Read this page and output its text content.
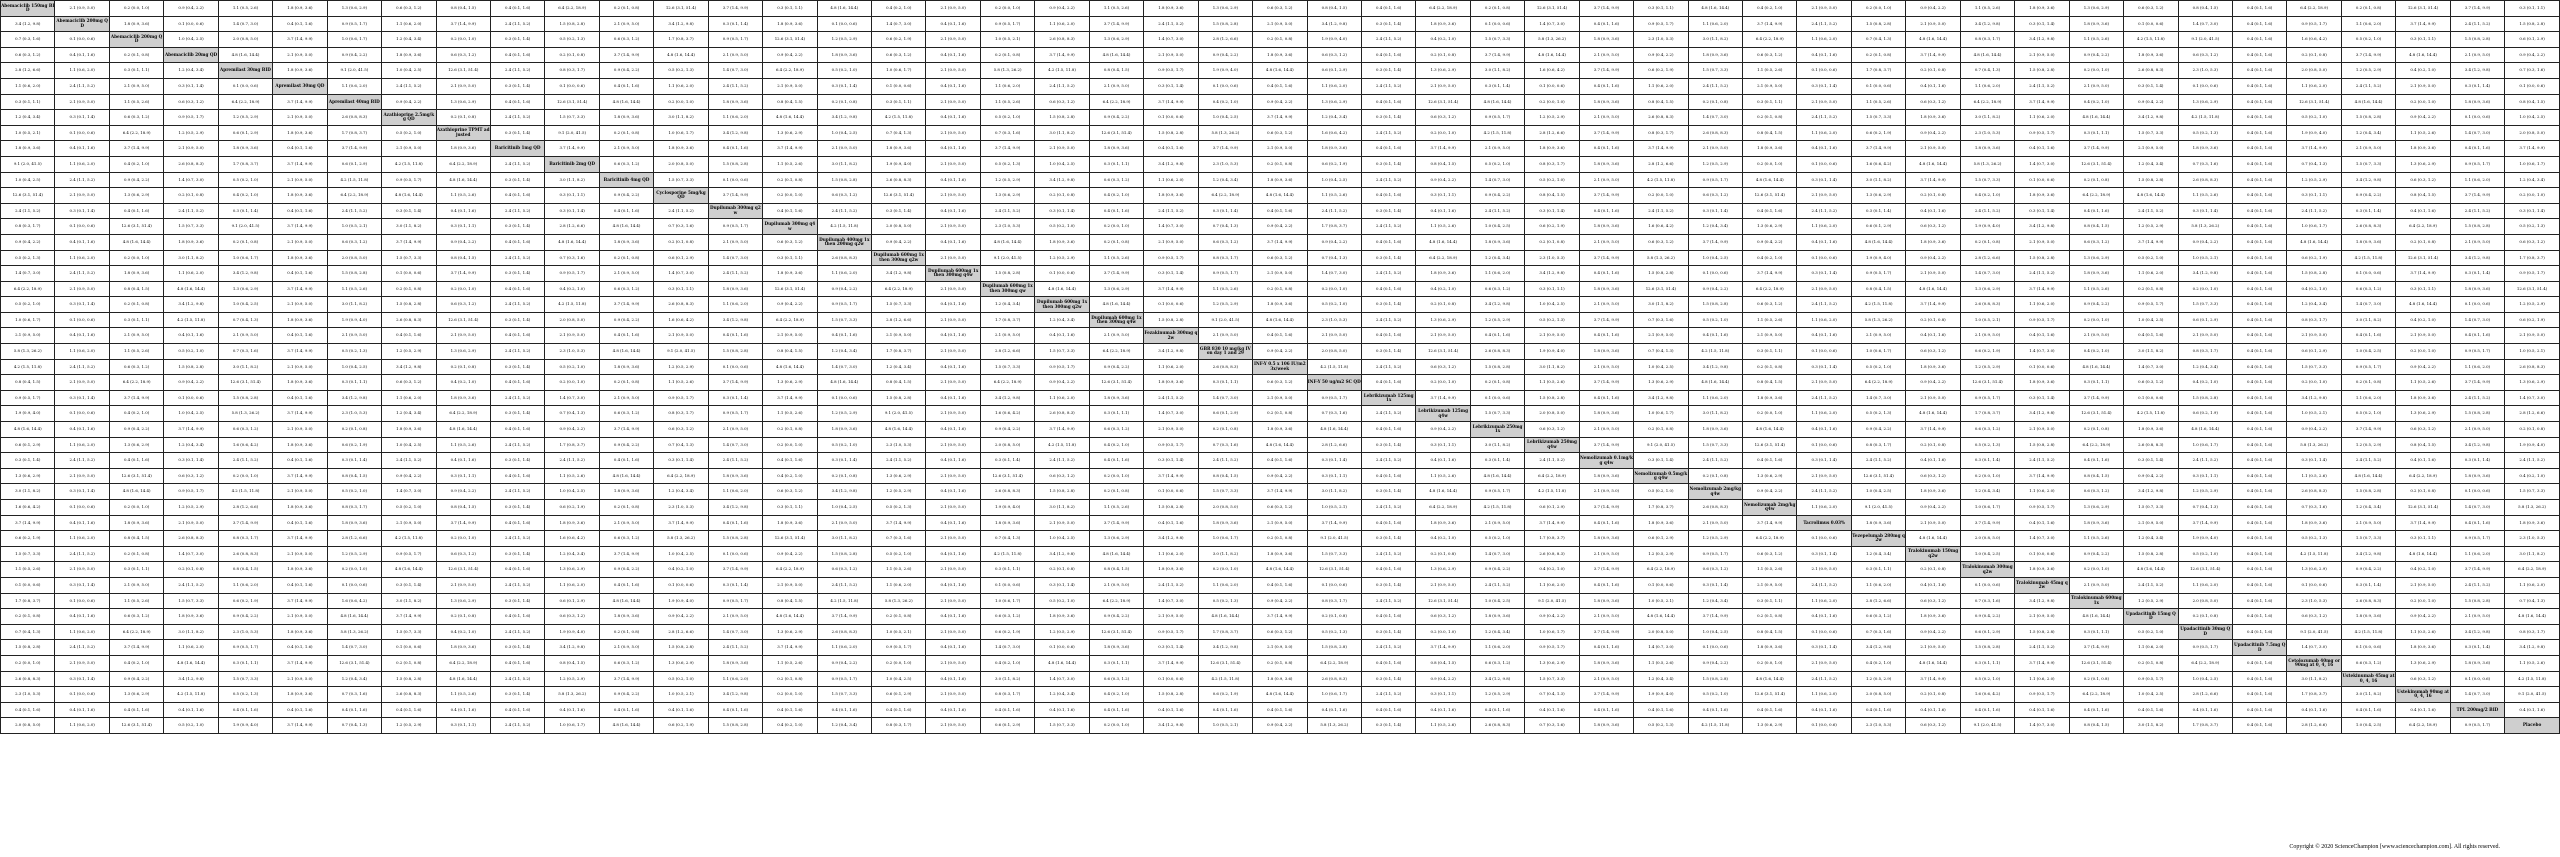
Abemaciclib 150mg BID	2.1 (0.9, 5.0)	0.2 (0.0, 1.0)	0.9 (0.4, 2.2)	1.1 (0.5, 2.6)	1.8 (0.9, 3.6)	1.3 (0.6, 2.9)	0.6 (0.3, 1.2)	0.8 (0.4, 1.5)	0.4 (0.1, 1.6)	6.4 (2.2, 18.9)	0.2 (0.1, 0.8)	12.6 (3.1, 51.4)	3.7 (1.4, 9.9)	0.3 (0.1, 1.1)	4.8 (1.6, 14.4)	0.4 (0.2, 1.0)	2.1 (0.9, 5.0)	0.2 (0.0, 1.0)	0.9 (0.4, 2.2)	1.1 (0.5, 2.6)	1.8 (0.9, 3.6)	1.3 (0.6, 2.9)	0.6 (0.3, 1.2)	0.8 (0.4, 1.5)	0.4 (0.1, 1.6)	6.4 (2.2, 18.9)	0.2 (0.1, 0.8)	12.6 (3.1, 51.4)	3.7 (1.4, 9.9)	0.3 (0.1, 1.1)	4.8 (1.6, 14.4)	0.4 (0.2, 1.0)	2.1 (0.9, 5.0)	0.2 (0.0, 1.0)	0.9 (0.4, 2.2)	1.1 (0.5, 2.6)	1.8 (0.9, 3.6)	1.3 (0.6, 2.9)	0.6 (0.3, 1.2)	0.8 (0.4, 1.5)	0.4 (0.1, 1.6)	6.4 (2.2, 18.9)	0.2 (0.1, 0.8)	12.6 (3.1, 51.4)	3.7 (1.4, 9.9)	0.3 (0.1, 1.1)
3.4 (1.2, 9.8)	Abemaciclib 200mg QD	1.8 (0.9, 3.6)	0.1 (0.0, 0.6)	1.4 (0.7, 3.0)	0.4 (0.1, 1.6)	0.9 (0.5, 1.7)	1.1 (0.6, 2.0)	3.7 (1.4, 9.9)	2.4 (1.1, 5.2)	1.5 (0.8, 2.8)	2.1 (0.9, 5.0)	3.4 (1.2, 9.8)	0.3 (0.1, 1.4)	1.8 (0.9, 3.6)	0.1 (0.0, 0.6)	1.4 (0.7, 3.0)	0.4 (0.1, 1.6)	0.9 (0.5, 1.7)	1.1 (0.6, 2.0)	3.7 (1.4, 9.9)	2.4 (1.1, 5.2)	1.5 (0.8, 2.8)	2.1 (0.9, 5.0)	3.4 (1.2, 9.8)	0.3 (0.1, 1.4)	1.8 (0.9, 3.6)	0.1 (0.0, 0.6)	1.4 (0.7, 3.0)	0.4 (0.1, 1.6)	0.9 (0.5, 1.7)	1.1 (0.6, 2.0)	3.7 (1.4, 9.9)	2.4 (1.1, 5.2)	1.5 (0.8, 2.8)	2.1 (0.9, 5.0)	3.4 (1.2, 9.8)	0.3 (0.1, 1.4)	1.8 (0.9, 3.6)	0.1 (0.0, 0.6)	1.4 (0.7, 3.0)	0.4 (0.1, 1.6)	0.9 (0.5, 1.7)	1.1 (0.6, 2.0)	3.7 (1.4, 9.9)	2.4 (1.1, 5.2)	1.5 (0.8, 2.8)
0.7 (0.3, 1.6)	0.1 (0.0, 0.6)	Abemaciclib 200mg QD	1.0 (0.4, 2.5)	2.0 (0.8, 5.0)	3.7 (1.4, 9.9)	1.0 (0.6, 1.7)	1.2 (0.4, 3.4)	0.2 (0.0, 1.0)	0.3 (0.1, 1.4)	0.5 (0.2, 1.3)	0.6 (0.3, 1.2)	1.7 (0.8, 3.7)	0.9 (0.5, 1.7)	12.6 (3.1, 51.4)	1.2 (0.5, 2.9)	0.6 (0.2, 1.9)	2.1 (0.9, 5.0)	1.0 (0.5, 2.1)	2.6 (0.8, 8.3)	1.3 (0.6, 2.9)	1.4 (0.7, 3.0)	2.8 (1.2, 6.6)	0.2 (0.1, 0.8)	1.9 (0.9, 4.0)	2.4 (1.1, 5.2)	0.4 (0.2, 1.0)	1.5 (0.7, 3.3)	5.8 (1.3, 26.2)	1.8 (0.9, 3.6)	2.3 (1.0, 5.3)	3.0 (1.1, 8.2)	6.4 (2.2, 18.9)	1.1 (0.6, 2.0)	0.7 (0.4, 1.3)	4.8 (1.6, 14.4)	0.8 (0.3, 1.7)	3.4 (1.2, 9.8)	1.1 (0.5, 2.6)	4.2 (1.5, 11.8)	9.1 (2.0, 41.5)	0.4 (0.1, 1.6)	1.6 (0.6, 4.2)	0.5 (0.2, 1.0)	0.3 (0.1, 1.1)	1.5 (0.8, 2.8)	0.6 (0.1, 2.9)
0.6 (0.3, 1.2)	0.4 (0.1, 1.6)	0.2 (0.1, 0.8)	Abemaciclib 20mg QD	4.8 (1.6, 14.4)	2.1 (0.9, 5.0)	0.9 (0.4, 2.2)	1.8 (0.9, 3.6)	0.6 (0.3, 1.2)	0.4 (0.1, 1.6)	0.2 (0.1, 0.8)	3.7 (1.4, 9.9)	4.8 (1.6, 14.4)	2.1 (0.9, 5.0)	0.9 (0.4, 2.2)	1.8 (0.9, 3.6)	0.6 (0.3, 1.2)	0.4 (0.1, 1.6)	0.2 (0.1, 0.8)	3.7 (1.4, 9.9)	4.8 (1.6, 14.4)	2.1 (0.9, 5.0)	0.9 (0.4, 2.2)	1.8 (0.9, 3.6)	0.6 (0.3, 1.2)	0.4 (0.1, 1.6)	0.2 (0.1, 0.8)	3.7 (1.4, 9.9)	4.8 (1.6, 14.4)	2.1 (0.9, 5.0)	0.9 (0.4, 2.2)	1.8 (0.9, 3.6)	0.6 (0.3, 1.2)	0.4 (0.1, 1.6)	0.2 (0.1, 0.8)	3.7 (1.4, 9.9)	4.8 (1.6, 14.4)	2.1 (0.9, 5.0)	0.9 (0.4, 2.2)	1.8 (0.9, 3.6)	0.6 (0.3, 1.2)	0.4 (0.1, 1.6)	0.2 (0.1, 0.8)	3.7 (1.4, 9.9)	4.8 (1.6, 14.4)	2.1 (0.9, 5.0)	0.9 (0.4, 2.2)
2.8 (1.2, 6.6)	1.1 (0.6, 2.0)	0.3 (0.1, 1.1)	1.2 (0.4, 3.4)	Apremilast 30mg BID	1.8 (0.9, 3.6)	9.1 (2.0, 41.5)	1.0 (0.4, 2.5)	12.6 (3.1, 51.4)	2.4 (1.1, 5.2)	0.8 (0.3, 1.7)	0.9 (0.4, 2.2)	0.5 (0.2, 1.3)	1.4 (0.7, 3.0)	6.4 (2.2, 18.9)	0.5 (0.2, 1.0)	1.0 (0.6, 1.7)	2.1 (0.9, 5.0)	5.8 (1.3, 26.2)	4.2 (1.5, 11.8)	0.8 (0.4, 1.5)	0.9 (0.5, 1.7)	1.9 (0.9, 4.0)	4.8 (1.6, 14.4)	0.6 (0.1, 2.9)	0.3 (0.1, 1.4)	1.3 (0.6, 2.9)	3.0 (1.1, 8.2)	1.6 (0.6, 4.2)	3.7 (1.4, 9.9)	0.6 (0.2, 1.9)	1.5 (0.7, 3.3)	1.1 (0.5, 2.6)	0.1 (0.0, 0.6)	1.7 (0.8, 3.7)	0.2 (0.1, 0.8)	0.7 (0.4, 1.3)	1.5 (0.8, 2.8)	0.2 (0.0, 1.0)	2.6 (0.8, 8.3)	2.3 (1.0, 5.3)	0.4 (0.1, 1.6)	2.0 (0.8, 5.0)	1.2 (0.5, 2.9)	0.4 (0.2, 1.0)	3.4 (1.2, 9.8)	0.7 (0.3, 1.6)
1.1 (0.6, 2.0)	2.4 (1.1, 5.2)	2.1 (0.9, 5.0)	0.3 (0.1, 1.4)	0.1 (0.0, 0.6)	Apremilast 30mg QD	1.1 (0.6, 2.0)	2.4 (1.1, 5.2)	2.1 (0.9, 5.0)	0.3 (0.1, 1.4)	0.1 (0.0, 0.6)	0.4 (0.1, 1.6)	1.1 (0.6, 2.0)	2.4 (1.1, 5.2)	2.1 (0.9, 5.0)	0.3 (0.1, 1.4)	0.1 (0.0, 0.6)	0.4 (0.1, 1.6)	1.1 (0.6, 2.0)	2.4 (1.1, 5.2)	2.1 (0.9, 5.0)	0.3 (0.1, 1.4)	0.1 (0.0, 0.6)	0.4 (0.1, 1.6)	1.1 (0.6, 2.0)	2.4 (1.1, 5.2)	2.1 (0.9, 5.0)	0.3 (0.1, 1.4)	0.1 (0.0, 0.6)	0.4 (0.1, 1.6)	1.1 (0.6, 2.0)	2.4 (1.1, 5.2)	2.1 (0.9, 5.0)	0.3 (0.1, 1.4)	0.1 (0.0, 0.6)	0.4 (0.1, 1.6)	1.1 (0.6, 2.0)	2.4 (1.1, 5.2)	2.1 (0.9, 5.0)	0.3 (0.1, 1.4)	0.1 (0.0, 0.6)	0.4 (0.1, 1.6)	1.1 (0.6, 2.0)	2.4 (1.1, 5.2)	2.1 (0.9, 5.0)	0.3 (0.1, 1.4)	0.1 (0.0, 0.6)
0.3 (0.1, 1.1)	2.1 (0.9, 5.0)	1.1 (0.5, 2.6)	0.6 (0.3, 1.2)	6.4 (2.2, 18.9)	3.7 (1.4, 9.9)	Apremilast 40mg BID	0.9 (0.4, 2.2)	1.3 (0.6, 2.9)	0.4 (0.1, 1.6)	12.6 (3.1, 51.4)	4.8 (1.6, 14.4)	0.2 (0.0, 1.0)	1.8 (0.9, 3.6)	0.8 (0.4, 1.5)	0.2 (0.1, 0.8)	0.3 (0.1, 1.1)	2.1 (0.9, 5.0)	1.1 (0.5, 2.6)	0.6 (0.3, 1.2)	6.4 (2.2, 18.9)	3.7 (1.4, 9.9)	0.4 (0.2, 1.0)	0.9 (0.4, 2.2)	1.3 (0.6, 2.9)	0.4 (0.1, 1.6)	12.6 (3.1, 51.4)	4.8 (1.6, 14.4)	0.2 (0.0, 1.0)	1.8 (0.9, 3.6)	0.8 (0.4, 1.5)	0.2 (0.1, 0.8)	0.3 (0.1, 1.1)	2.1 (0.9, 5.0)	1.1 (0.5, 2.6)	0.6 (0.3, 1.2)	6.4 (2.2, 18.9)	3.7 (1.4, 9.9)	0.4 (0.2, 1.0)	0.9 (0.4, 2.2)	1.3 (0.6, 2.9)	0.4 (0.1, 1.6)	12.6 (3.1, 51.4)	4.8 (1.6, 14.4)	0.2 (0.0, 1.0)	1.8 (0.9, 3.6)	0.8 (0.4, 1.5)
1.2 (0.4, 3.4)	0.3 (0.1, 1.4)	0.6 (0.3, 1.2)	0.9 (0.5, 1.7)	1.2 (0.5, 2.9)	2.1 (0.9, 5.0)	2.6 (0.8, 8.3)	Azathioprine 2.5mg/kg QD	0.2 (0.1, 0.8)	2.4 (1.1, 5.2)	1.5 (0.7, 3.3)	1.8 (0.9, 3.6)	3.0 (1.1, 8.2)	1.1 (0.6, 2.0)	4.8 (1.6, 14.4)	3.4 (1.2, 9.8)	4.2 (1.5, 11.8)	0.4 (0.1, 1.6)	0.5 (0.2, 1.0)	1.5 (0.8, 2.8)	0.9 (0.4, 2.2)	0.1 (0.0, 0.6)	1.0 (0.4, 2.5)	3.7 (1.4, 9.9)	1.2 (0.4, 3.4)	0.3 (0.1, 1.4)	0.6 (0.3, 1.2)	0.9 (0.5, 1.7)	1.2 (0.5, 2.9)	2.1 (0.9, 5.0)	2.6 (0.8, 8.3)	1.4 (0.7, 3.0)	0.2 (0.1, 0.8)	2.4 (1.1, 5.2)	1.5 (0.7, 3.3)	1.8 (0.9, 3.6)	3.0 (1.1, 8.2)	1.1 (0.6, 2.0)	4.8 (1.6, 14.4)	3.4 (1.2, 9.8)	4.2 (1.5, 11.8)	0.4 (0.1, 1.6)	0.5 (0.2, 1.0)	1.5 (0.8, 2.8)	0.9 (0.4, 2.2)	0.1 (0.0, 0.6)	1.0 (0.4, 2.5)
1.0 (0.5, 2.1)	0.1 (0.0, 0.6)	6.4 (2.2, 18.9)	1.2 (0.5, 2.9)	0.6 (0.1, 2.9)	1.8 (0.9, 3.6)	1.7 (0.8, 3.7)	0.5 (0.2, 1.0)	Azathioprine TPMT adjusted	0.3 (0.1, 1.4)	9.1 (2.0, 41.5)	0.2 (0.1, 0.8)	1.0 (0.6, 1.7)	3.4 (1.2, 9.8)	1.3 (0.6, 2.9)	1.0 (0.4, 2.5)	0.7 (0.4, 1.3)	2.1 (0.9, 5.0)	0.7 (0.3, 1.6)	3.0 (1.1, 8.2)	12.6 (3.1, 51.4)	1.5 (0.8, 2.8)	5.8 (1.3, 26.2)	0.6 (0.3, 1.2)	1.6 (0.6, 4.2)	2.4 (1.1, 5.2)	0.2 (0.0, 1.0)	4.2 (1.5, 11.8)	2.8 (1.2, 6.6)	3.7 (1.4, 9.9)	0.8 (0.3, 1.7)	2.6 (0.8, 8.3)	0.8 (0.4, 1.5)	1.1 (0.6, 2.0)	0.6 (0.2, 1.9)	0.9 (0.4, 2.2)	2.3 (1.0, 5.3)	0.9 (0.5, 1.7)	0.3 (0.1, 1.1)	1.5 (0.7, 3.3)	0.5 (0.2, 1.3)	0.4 (0.1, 1.6)	1.9 (0.9, 4.0)	1.2 (0.4, 3.4)	1.1 (0.5, 2.6)	1.4 (0.7, 3.0)	2.0 (0.8, 5.0)
1.8 (0.9, 3.6)	0.4 (0.1, 1.6)	3.7 (1.4, 9.9)	2.1 (0.9, 5.0)	1.8 (0.9, 3.6)	0.4 (0.1, 1.6)	3.7 (1.4, 9.9)	2.1 (0.9, 5.0)	1.8 (0.9, 3.6)	Baricitinib 1mg QD	3.7 (1.4, 9.9)	2.1 (0.9, 5.0)	1.8 (0.9, 3.6)	0.4 (0.1, 1.6)	3.7 (1.4, 9.9)	2.1 (0.9, 5.0)	1.8 (0.9, 3.6)	0.4 (0.1, 1.6)	3.7 (1.4, 9.9)	2.1 (0.9, 5.0)	1.8 (0.9, 3.6)	0.4 (0.1, 1.6)	3.7 (1.4, 9.9)	2.1 (0.9, 5.0)	1.8 (0.9, 3.6)	0.4 (0.1, 1.6)	3.7 (1.4, 9.9)	2.1 (0.9, 5.0)	1.8 (0.9, 3.6)	0.4 (0.1, 1.6)	3.7 (1.4, 9.9)	2.1 (0.9, 5.0)	1.8 (0.9, 3.6)	0.4 (0.1, 1.6)	3.7 (1.4, 9.9)	2.1 (0.9, 5.0)	1.8 (0.9, 3.6)	0.4 (0.1, 1.6)	3.7 (1.4, 9.9)	2.1 (0.9, 5.0)	1.8 (0.9, 3.6)	0.4 (0.1, 1.6)	3.7 (1.4, 9.9)	2.1 (0.9, 5.0)	1.8 (0.9, 3.6)	0.4 (0.1, 1.6)	3.7 (1.4, 9.9)
9.1 (2.0, 41.5)	1.1 (0.6, 2.0)	0.4 (0.2, 1.0)	2.6 (0.8, 8.3)	1.7 (0.8, 3.7)	3.7 (1.4, 9.9)	0.6 (0.1, 2.9)	4.2 (1.5, 11.8)	6.4 (2.2, 18.9)	2.4 (1.1, 5.2)	Baricitinib 2mg QD	0.6 (0.3, 1.2)	2.0 (0.8, 5.0)	1.5 (0.8, 2.8)	1.1 (0.5, 2.6)	3.0 (1.1, 8.2)	1.9 (0.9, 4.0)	2.1 (0.9, 5.0)	0.5 (0.2, 1.3)	1.0 (0.4, 2.5)	0.3 (0.1, 1.1)	3.4 (1.2, 9.8)	2.3 (1.0, 5.3)	0.2 (0.1, 0.8)	0.6 (0.2, 1.9)	0.3 (0.1, 1.4)	0.8 (0.4, 1.5)	0.5 (0.2, 1.0)	0.8 (0.3, 1.7)	1.8 (0.9, 3.6)	2.8 (1.2, 6.6)	1.2 (0.5, 2.9)	0.2 (0.0, 1.0)	0.1 (0.0, 0.6)	1.6 (0.6, 4.2)	4.8 (1.6, 14.4)	5.8 (1.3, 26.2)	1.4 (0.7, 3.0)	12.6 (3.1, 51.4)	1.2 (0.4, 3.4)	0.7 (0.3, 1.6)	0.4 (0.1, 1.6)	0.7 (0.4, 1.3)	1.5 (0.7, 3.3)	1.3 (0.6, 2.9)	0.9 (0.5, 1.7)	1.0 (0.6, 1.7)
1.0 (0.4, 2.5)	2.4 (1.1, 5.2)	0.9 (0.4, 2.2)	1.4 (0.7, 3.0)	0.5 (0.2, 1.0)	2.1 (0.9, 5.0)	4.2 (1.5, 11.8)	0.9 (0.5, 1.7)	4.8 (1.6, 14.4)	0.3 (0.1, 1.4)	3.0 (1.1, 8.2)	Baricitinib 4mg QD	1.5 (0.7, 3.3)	0.1 (0.0, 0.6)	0.2 (0.1, 0.8)	1.5 (0.8, 2.8)	2.6 (0.8, 8.3)	0.4 (0.1, 1.6)	1.2 (0.5, 2.9)	3.4 (1.2, 9.8)	0.6 (0.3, 1.2)	1.1 (0.6, 2.0)	1.2 (0.4, 3.4)	1.8 (0.9, 3.6)	1.0 (0.4, 2.5)	2.4 (1.1, 5.2)	0.9 (0.4, 2.2)	1.4 (0.7, 3.0)	0.5 (0.2, 1.0)	2.1 (0.9, 5.0)	4.2 (1.5, 11.8)	0.9 (0.5, 1.7)	4.8 (1.6, 14.4)	0.3 (0.1, 1.4)	3.0 (1.1, 8.2)	3.7 (1.4, 9.9)	1.5 (0.7, 3.3)	0.1 (0.0, 0.6)	0.2 (0.1, 0.8)	1.5 (0.8, 2.8)	2.6 (0.8, 8.3)	0.4 (0.1, 1.6)	1.2 (0.5, 2.9)	3.4 (1.2, 9.8)	0.6 (0.3, 1.2)	1.1 (0.6, 2.0)	1.2 (0.4, 3.4)
12.6 (3.1, 51.4)	2.1 (0.9, 5.0)	1.3 (0.6, 2.9)	0.2 (0.1, 0.8)	0.4 (0.2, 1.0)	1.8 (0.9, 3.6)	6.4 (2.2, 18.9)	4.8 (1.6, 14.4)	1.1 (0.5, 2.6)	0.4 (0.1, 1.6)	0.3 (0.1, 1.1)	0.9 (0.4, 2.2)	Cyclosporine 5mg/kg QD	3.7 (1.4, 9.9)	0.2 (0.0, 1.0)	0.6 (0.3, 1.2)	12.6 (3.1, 51.4)	2.1 (0.9, 5.0)	1.3 (0.6, 2.9)	0.2 (0.1, 0.8)	0.4 (0.2, 1.0)	1.8 (0.9, 3.6)	6.4 (2.2, 18.9)	4.8 (1.6, 14.4)	1.1 (0.5, 2.6)	0.4 (0.1, 1.6)	0.3 (0.1, 1.1)	0.9 (0.4, 2.2)	0.8 (0.4, 1.5)	3.7 (1.4, 9.9)	0.2 (0.0, 1.0)	0.6 (0.3, 1.2)	12.6 (3.1, 51.4)	2.1 (0.9, 5.0)	1.3 (0.6, 2.9)	0.2 (0.1, 0.8)	0.4 (0.2, 1.0)	1.8 (0.9, 3.6)	6.4 (2.2, 18.9)	4.8 (1.6, 14.4)	1.1 (0.5, 2.6)	0.4 (0.1, 1.6)	0.3 (0.1, 1.1)	0.9 (0.4, 2.2)	0.8 (0.4, 1.5)	3.7 (1.4, 9.9)	0.2 (0.0, 1.0)
2.4 (1.1, 5.2)	0.3 (0.1, 1.4)	0.4 (0.1, 1.6)	2.4 (1.1, 5.2)	0.3 (0.1, 1.4)	0.4 (0.1, 1.6)	2.4 (1.1, 5.2)	0.3 (0.1, 1.4)	0.4 (0.1, 1.6)	2.4 (1.1, 5.2)	0.3 (0.1, 1.4)	0.4 (0.1, 1.6)	2.4 (1.1, 5.2)	Dupilumab 300mg q2w	0.4 (0.1, 1.6)	2.4 (1.1, 5.2)	0.3 (0.1, 1.4)	0.4 (0.1, 1.6)	2.4 (1.1, 5.2)	0.3 (0.1, 1.4)	0.4 (0.1, 1.6)	2.4 (1.1, 5.2)	0.3 (0.1, 1.4)	0.4 (0.1, 1.6)	2.4 (1.1, 5.2)	0.3 (0.1, 1.4)	0.4 (0.1, 1.6)	2.4 (1.1, 5.2)	0.3 (0.1, 1.4)	0.4 (0.1, 1.6)	2.4 (1.1, 5.2)	0.3 (0.1, 1.4)	0.4 (0.1, 1.6)	2.4 (1.1, 5.2)	0.3 (0.1, 1.4)	0.4 (0.1, 1.6)	2.4 (1.1, 5.2)	0.3 (0.1, 1.4)	0.4 (0.1, 1.6)	2.4 (1.1, 5.2)	0.3 (0.1, 1.4)	0.4 (0.1, 1.6)	2.4 (1.1, 5.2)	0.3 (0.1, 1.4)	0.4 (0.1, 1.6)	2.4 (1.1, 5.2)	0.3 (0.1, 1.4)
0.8 (0.3, 1.7)	0.1 (0.0, 0.6)	12.6 (3.1, 51.4)	1.5 (0.7, 3.3)	9.1 (2.0, 41.5)	3.7 (1.4, 9.9)	1.0 (0.5, 2.1)	3.0 (1.1, 8.2)	0.3 (0.1, 1.1)	0.3 (0.1, 1.4)	2.8 (1.2, 6.6)	4.8 (1.6, 14.4)	0.7 (0.3, 1.6)	0.9 (0.5, 1.7)	Dupilumab 300mg q4w	4.2 (1.5, 11.8)	2.0 (0.8, 5.0)	2.1 (0.9, 5.0)	2.3 (1.0, 5.3)	0.5 (0.2, 1.0)	0.2 (0.0, 1.0)	1.4 (0.7, 3.0)	0.7 (0.4, 1.3)	0.9 (0.4, 2.2)	1.7 (0.8, 3.7)	2.4 (1.1, 5.2)	1.1 (0.5, 2.6)	1.0 (0.4, 2.5)	0.6 (0.2, 1.9)	1.8 (0.9, 3.6)	1.6 (0.6, 4.2)	1.2 (0.4, 3.4)	1.3 (0.6, 2.9)	1.1 (0.6, 2.0)	0.6 (0.1, 2.9)	0.6 (0.3, 1.2)	1.9 (0.9, 4.0)	3.4 (1.2, 9.8)	0.8 (0.4, 1.5)	1.2 (0.5, 2.9)	5.8 (1.3, 26.2)	0.4 (0.1, 1.6)	1.0 (0.6, 1.7)	2.6 (0.8, 8.3)	6.4 (2.2, 18.9)	1.5 (0.8, 2.8)	0.5 (0.2, 1.3)
0.9 (0.4, 2.2)	0.4 (0.1, 1.6)	4.8 (1.6, 14.4)	1.8 (0.9, 3.6)	0.2 (0.1, 0.8)	2.1 (0.9, 5.0)	0.6 (0.3, 1.2)	3.7 (1.4, 9.9)	0.9 (0.4, 2.2)	0.4 (0.1, 1.6)	4.8 (1.6, 14.4)	1.8 (0.9, 3.6)	0.2 (0.1, 0.8)	2.1 (0.9, 5.0)	0.6 (0.3, 1.2)	Dupilumab 400mg 1x then 200mg q2w	0.9 (0.4, 2.2)	0.4 (0.1, 1.6)	4.8 (1.6, 14.4)	1.8 (0.9, 3.6)	0.2 (0.1, 0.8)	2.1 (0.9, 5.0)	0.6 (0.3, 1.2)	3.7 (1.4, 9.9)	0.9 (0.4, 2.2)	0.4 (0.1, 1.6)	4.8 (1.6, 14.4)	1.8 (0.9, 3.6)	0.2 (0.1, 0.8)	2.1 (0.9, 5.0)	0.6 (0.3, 1.2)	3.7 (1.4, 9.9)	0.9 (0.4, 2.2)	0.4 (0.1, 1.6)	4.8 (1.6, 14.4)	1.8 (0.9, 3.6)	0.2 (0.1, 0.8)	2.1 (0.9, 5.0)	0.6 (0.3, 1.2)	3.7 (1.4, 9.9)	0.9 (0.4, 2.2)	0.4 (0.1, 1.6)	4.8 (1.6, 14.4)	1.8 (0.9, 3.6)	0.2 (0.1, 0.8)	2.1 (0.9, 5.0)	0.6 (0.3, 1.2)
0.5 (0.2, 1.3)	1.1 (0.6, 2.0)	0.2 (0.0, 1.0)	3.0 (1.1, 8.2)	1.0 (0.6, 1.7)	1.8 (0.9, 3.6)	2.0 (0.8, 5.0)	1.5 (0.7, 3.3)	0.8 (0.4, 1.5)	2.4 (1.1, 5.2)	0.7 (0.3, 1.6)	0.2 (0.1, 0.8)	0.6 (0.1, 2.9)	1.4 (0.7, 3.0)	0.3 (0.1, 1.1)	2.6 (0.8, 8.3)	Dupilumab 600mg 1x then 300mg q2w	2.1 (0.9, 5.0)	9.1 (2.0, 41.5)	1.2 (0.5, 2.9)	1.1 (0.5, 2.6)	0.9 (0.5, 1.7)	0.8 (0.3, 1.7)	0.6 (0.3, 1.2)	0.7 (0.4, 1.3)	0.3 (0.1, 1.4)	6.4 (2.2, 18.9)	1.2 (0.4, 3.4)	2.3 (1.0, 5.3)	3.7 (1.4, 9.9)	5.8 (1.3, 26.2)	1.0 (0.4, 2.5)	0.4 (0.2, 1.0)	0.1 (0.0, 0.6)	1.9 (0.9, 4.0)	0.9 (0.4, 2.2)	2.8 (1.2, 6.6)	1.5 (0.8, 2.8)	1.3 (0.6, 2.9)	0.5 (0.2, 1.0)	1.0 (0.5, 2.1)	0.4 (0.1, 1.6)	0.6 (0.2, 1.9)	4.2 (1.5, 11.8)	12.6 (3.1, 51.4)	3.4 (1.2, 9.8)	1.7 (0.8, 3.7)
1.4 (0.7, 3.0)	2.4 (1.1, 5.2)	1.8 (0.9, 3.6)	1.1 (0.6, 2.0)	3.4 (1.2, 9.8)	0.4 (0.1, 1.6)	1.5 (0.8, 2.8)	0.1 (0.0, 0.6)	3.7 (1.4, 9.9)	0.3 (0.1, 1.4)	0.9 (0.5, 1.7)	2.1 (0.9, 5.0)	1.4 (0.7, 3.0)	2.4 (1.1, 5.2)	1.8 (0.9, 3.6)	1.1 (0.6, 2.0)	3.4 (1.2, 9.8)	Dupilumab 600mg 1x then 300mg q4w	1.5 (0.8, 2.8)	0.1 (0.0, 0.6)	3.7 (1.4, 9.9)	0.3 (0.1, 1.4)	0.9 (0.5, 1.7)	2.1 (0.9, 5.0)	1.4 (0.7, 3.0)	2.4 (1.1, 5.2)	1.8 (0.9, 3.6)	1.1 (0.6, 2.0)	3.4 (1.2, 9.8)	0.4 (0.1, 1.6)	1.5 (0.8, 2.8)	0.1 (0.0, 0.6)	3.7 (1.4, 9.9)	0.3 (0.1, 1.4)	0.9 (0.5, 1.7)	2.1 (0.9, 5.0)	1.4 (0.7, 3.0)	2.4 (1.1, 5.2)	1.8 (0.9, 3.6)	1.1 (0.6, 2.0)	3.4 (1.2, 9.8)	0.4 (0.1, 1.6)	1.5 (0.8, 2.8)	0.1 (0.0, 0.6)	3.7 (1.4, 9.9)	0.3 (0.1, 1.4)	0.9 (0.5, 1.7)
6.4 (2.2, 18.9)	2.1 (0.9, 5.0)	0.8 (0.4, 1.5)	4.8 (1.6, 14.4)	1.3 (0.6, 2.9)	3.7 (1.4, 9.9)	1.1 (0.5, 2.6)	0.2 (0.1, 0.8)	0.2 (0.0, 1.0)	0.4 (0.1, 1.6)	0.4 (0.2, 1.0)	0.6 (0.3, 1.2)	0.3 (0.1, 1.1)	1.8 (0.9, 3.6)	12.6 (3.1, 51.4)	0.9 (0.4, 2.2)	6.4 (2.2, 18.9)	2.1 (0.9, 5.0)	Dupilumab 600mg 1x then 300mg qw	4.8 (1.6, 14.4)	1.3 (0.6, 2.9)	3.7 (1.4, 9.9)	1.1 (0.5, 2.6)	0.2 (0.1, 0.8)	0.2 (0.0, 1.0)	0.4 (0.1, 1.6)	0.4 (0.2, 1.0)	0.6 (0.3, 1.2)	0.3 (0.1, 1.1)	1.8 (0.9, 3.6)	12.6 (3.1, 51.4)	0.9 (0.4, 2.2)	6.4 (2.2, 18.9)	2.1 (0.9, 5.0)	0.8 (0.4, 1.5)	4.8 (1.6, 14.4)	1.3 (0.6, 2.9)	3.7 (1.4, 9.9)	1.1 (0.5, 2.6)	0.2 (0.1, 0.8)	0.2 (0.0, 1.0)	0.4 (0.1, 1.6)	0.4 (0.2, 1.0)	0.6 (0.3, 1.2)	0.3 (0.1, 1.1)	1.8 (0.9, 3.6)	12.6 (3.1, 51.4)
0.5 (0.2, 1.0)	0.3 (0.1, 1.4)	0.2 (0.1, 0.8)	3.4 (1.2, 9.8)	1.0 (0.4, 2.5)	2.1 (0.9, 5.0)	3.0 (1.1, 8.2)	1.5 (0.8, 2.8)	0.6 (0.3, 1.2)	2.4 (1.1, 5.2)	4.2 (1.5, 11.8)	3.7 (1.4, 9.9)	2.6 (0.8, 8.3)	1.1 (0.6, 2.0)	0.9 (0.4, 2.2)	0.9 (0.5, 1.7)	1.5 (0.7, 3.3)	0.4 (0.1, 1.6)	1.2 (0.4, 3.4)	Dupilumab 600mg 1x then 300mg q2w	4.8 (1.6, 14.4)	0.1 (0.0, 0.6)	1.2 (0.5, 2.9)	1.8 (0.9, 3.6)	0.5 (0.2, 1.0)	0.3 (0.1, 1.4)	0.2 (0.1, 0.8)	3.4 (1.2, 9.8)	1.0 (0.4, 2.5)	2.1 (0.9, 5.0)	3.0 (1.1, 8.2)	1.5 (0.8, 2.8)	0.6 (0.3, 1.2)	2.4 (1.1, 5.2)	4.2 (1.5, 11.8)	3.7 (1.4, 9.9)	2.6 (0.8, 8.3)	1.1 (0.6, 2.0)	0.9 (0.4, 2.2)	0.9 (0.5, 1.7)	1.5 (0.7, 3.3)	0.4 (0.1, 1.6)	1.2 (0.4, 3.4)	1.4 (0.7, 3.0)	4.8 (1.6, 14.4)	0.1 (0.0, 0.6)	1.2 (0.5, 2.9)
1.0 (0.6, 1.7)	0.1 (0.0, 0.6)	0.3 (0.1, 1.1)	4.2 (1.5, 11.8)	0.7 (0.4, 1.3)	1.8 (0.9, 3.6)	1.9 (0.9, 4.0)	2.6 (0.8, 8.3)	12.6 (3.1, 51.4)	0.3 (0.1, 1.4)	2.0 (0.8, 5.0)	0.9 (0.4, 2.2)	1.6 (0.6, 4.2)	3.4 (1.2, 9.8)	6.4 (2.2, 18.9)	1.5 (0.7, 3.3)	2.8 (1.2, 6.6)	2.1 (0.9, 5.0)	1.7 (0.8, 3.7)	1.2 (0.4, 3.4)	Dupilumab 600mg 1x then 300mg q4w	1.5 (0.8, 2.8)	9.1 (2.0, 41.5)	4.8 (1.6, 14.4)	2.3 (1.0, 5.3)	2.4 (1.1, 5.2)	1.3 (0.6, 2.9)	1.2 (0.5, 2.9)	0.5 (0.2, 1.3)	3.7 (1.4, 9.9)	0.7 (0.3, 1.6)	0.5 (0.2, 1.0)	1.1 (0.5, 2.6)	1.1 (0.6, 2.0)	5.8 (1.3, 26.2)	0.2 (0.1, 0.8)	1.0 (0.5, 2.1)	0.9 (0.5, 1.7)	0.2 (0.0, 1.0)	1.0 (0.4, 2.5)	0.6 (0.1, 2.9)	0.4 (0.1, 1.6)	0.8 (0.3, 1.7)	3.0 (1.1, 8.2)	0.4 (0.2, 1.0)	1.4 (0.7, 3.0)	0.6 (0.2, 1.9)
2.1 (0.9, 5.0)	0.4 (0.1, 1.6)	2.1 (0.9, 5.0)	0.4 (0.1, 1.6)	2.1 (0.9, 5.0)	0.4 (0.1, 1.6)	2.1 (0.9, 5.0)	0.4 (0.1, 1.6)	2.1 (0.9, 5.0)	0.4 (0.1, 1.6)	2.1 (0.9, 5.0)	0.4 (0.1, 1.6)	2.1 (0.9, 5.0)	0.4 (0.1, 1.6)	2.1 (0.9, 5.0)	0.4 (0.1, 1.6)	2.1 (0.9, 5.0)	0.4 (0.1, 1.6)	2.1 (0.9, 5.0)	0.4 (0.1, 1.6)	2.1 (0.9, 5.0)	Fezakinumab 300mg q2w	2.1 (0.9, 5.0)	0.4 (0.1, 1.6)	2.1 (0.9, 5.0)	0.4 (0.1, 1.6)	2.1 (0.9, 5.0)	0.4 (0.1, 1.6)	2.1 (0.9, 5.0)	0.4 (0.1, 1.6)	2.1 (0.9, 5.0)	0.4 (0.1, 1.6)	2.1 (0.9, 5.0)	0.4 (0.1, 1.6)	2.1 (0.9, 5.0)	0.4 (0.1, 1.6)	2.1 (0.9, 5.0)	0.4 (0.1, 1.6)	2.1 (0.9, 5.0)	0.4 (0.1, 1.6)	2.1 (0.9, 5.0)	0.4 (0.1, 1.6)	2.1 (0.9, 5.0)	0.4 (0.1, 1.6)	2.1 (0.9, 5.0)	0.4 (0.1, 1.6)	2.1 (0.9, 5.0)
5.8 (1.3, 26.2)	1.1 (0.6, 2.0)	1.1 (0.5, 2.6)	0.5 (0.2, 1.0)	0.7 (0.3, 1.6)	3.7 (1.4, 9.9)	0.5 (0.2, 1.3)	1.2 (0.5, 2.9)	1.3 (0.6, 2.9)	2.4 (1.1, 5.2)	2.3 (1.0, 5.3)	4.8 (1.6, 14.4)	9.1 (2.0, 41.5)	1.5 (0.8, 2.8)	0.8 (0.4, 1.5)	1.2 (0.4, 3.4)	1.7 (0.8, 3.7)	2.1 (0.9, 5.0)	2.8 (1.2, 6.6)	1.5 (0.7, 3.3)	6.4 (2.2, 18.9)	3.4 (1.2, 9.8)	GBR 830 10 mg/kg IV on day 1 and 29	0.9 (0.4, 2.2)	2.0 (0.8, 5.0)	0.3 (0.1, 1.4)	12.6 (3.1, 51.4)	2.6 (0.8, 8.3)	1.9 (0.9, 4.0)	1.8 (0.9, 3.6)	0.7 (0.4, 1.3)	4.2 (1.5, 11.8)	0.3 (0.1, 1.1)	0.1 (0.0, 0.6)	1.0 (0.6, 1.7)	0.6 (0.3, 1.2)	0.6 (0.2, 1.9)	1.4 (0.7, 3.0)	0.4 (0.2, 1.0)	3.0 (1.1, 8.2)	0.8 (0.3, 1.7)	0.4 (0.1, 1.6)	0.6 (0.1, 2.9)	1.0 (0.4, 2.5)	0.2 (0.0, 1.0)	0.9 (0.5, 1.7)	1.0 (0.5, 2.1)
4.2 (1.5, 11.8)	2.4 (1.1, 5.2)	0.6 (0.3, 1.2)	1.5 (0.8, 2.8)	3.0 (1.1, 8.2)	2.1 (0.9, 5.0)	1.0 (0.4, 2.5)	3.4 (1.2, 9.8)	0.2 (0.1, 0.8)	0.3 (0.1, 1.4)	0.5 (0.2, 1.0)	1.8 (0.9, 3.6)	1.2 (0.5, 2.9)	0.1 (0.0, 0.6)	4.8 (1.6, 14.4)	1.4 (0.7, 3.0)	1.2 (0.4, 3.4)	0.4 (0.1, 1.6)	1.5 (0.7, 3.3)	0.9 (0.5, 1.7)	0.9 (0.4, 2.2)	1.1 (0.6, 2.0)	2.6 (0.8, 8.3)	INF-Y 0.5 x 106 IU/m2 3x/week	4.2 (1.5, 11.8)	2.4 (1.1, 5.2)	0.6 (0.3, 1.2)	1.5 (0.8, 2.8)	3.0 (1.1, 8.2)	2.1 (0.9, 5.0)	1.0 (0.4, 2.5)	3.4 (1.2, 9.8)	0.2 (0.1, 0.8)	0.3 (0.1, 1.4)	0.5 (0.2, 1.0)	1.8 (0.9, 3.6)	1.2 (0.5, 2.9)	0.1 (0.0, 0.6)	4.8 (1.6, 14.4)	1.4 (0.7, 3.0)	1.2 (0.4, 3.4)	0.4 (0.1, 1.6)	1.5 (0.7, 3.3)	0.9 (0.5, 1.7)	0.9 (0.4, 2.2)	1.1 (0.6, 2.0)	2.6 (0.8, 8.3)
0.8 (0.4, 1.5)	2.1 (0.9, 5.0)	6.4 (2.2, 18.9)	0.9 (0.4, 2.2)	12.6 (3.1, 51.4)	1.8 (0.9, 3.6)	0.3 (0.1, 1.1)	0.6 (0.3, 1.2)	0.4 (0.2, 1.0)	0.4 (0.1, 1.6)	0.2 (0.0, 1.0)	0.2 (0.1, 0.8)	1.1 (0.5, 2.6)	3.7 (1.4, 9.9)	1.3 (0.6, 2.9)	4.8 (1.6, 14.4)	0.8 (0.4, 1.5)	2.1 (0.9, 5.0)	6.4 (2.2, 18.9)	0.9 (0.4, 2.2)	12.6 (3.1, 51.4)	1.8 (0.9, 3.6)	0.3 (0.1, 1.1)	0.6 (0.3, 1.2)	INF-Y 50 ug/m2 SC QD	0.4 (0.1, 1.6)	0.2 (0.0, 1.0)	0.2 (0.1, 0.8)	1.1 (0.5, 2.6)	3.7 (1.4, 9.9)	1.3 (0.6, 2.9)	4.8 (1.6, 14.4)	0.8 (0.4, 1.5)	2.1 (0.9, 5.0)	6.4 (2.2, 18.9)	0.9 (0.4, 2.2)	12.6 (3.1, 51.4)	1.8 (0.9, 3.6)	0.3 (0.1, 1.1)	0.6 (0.3, 1.2)	0.4 (0.2, 1.0)	0.4 (0.1, 1.6)	0.2 (0.0, 1.0)	0.2 (0.1, 0.8)	1.1 (0.5, 2.6)	3.7 (1.4, 9.9)	1.3 (0.6, 2.9)
0.9 (0.5, 1.7)	0.3 (0.1, 1.4)	3.7 (1.4, 9.9)	0.1 (0.0, 0.6)	1.5 (0.8, 2.8)	0.4 (0.1, 1.6)	3.4 (1.2, 9.8)	1.1 (0.6, 2.0)	1.8 (0.9, 3.6)	2.4 (1.1, 5.2)	1.4 (0.7, 3.0)	2.1 (0.9, 5.0)	0.9 (0.5, 1.7)	0.3 (0.1, 1.4)	3.7 (1.4, 9.9)	0.1 (0.0, 0.6)	1.5 (0.8, 2.8)	0.4 (0.1, 1.6)	3.4 (1.2, 9.8)	1.1 (0.6, 2.0)	1.8 (0.9, 3.6)	2.4 (1.1, 5.2)	1.4 (0.7, 3.0)	2.1 (0.9, 5.0)	0.9 (0.5, 1.7)	Lebrikizumab 125mg 1x	3.7 (1.4, 9.9)	0.1 (0.0, 0.6)	1.5 (0.8, 2.8)	0.4 (0.1, 1.6)	3.4 (1.2, 9.8)	1.1 (0.6, 2.0)	1.8 (0.9, 3.6)	2.4 (1.1, 5.2)	1.4 (0.7, 3.0)	2.1 (0.9, 5.0)	0.9 (0.5, 1.7)	0.3 (0.1, 1.4)	3.7 (1.4, 9.9)	0.1 (0.0, 0.6)	1.5 (0.8, 2.8)	0.4 (0.1, 1.6)	3.4 (1.2, 9.8)	1.1 (0.6, 2.0)	1.8 (0.9, 3.6)	2.4 (1.1, 5.2)	1.4 (0.7, 3.0)
1.9 (0.9, 4.0)	0.1 (0.0, 0.6)	0.4 (0.2, 1.0)	1.0 (0.4, 2.5)	5.8 (1.3, 26.2)	3.7 (1.4, 9.9)	2.3 (1.0, 5.3)	1.2 (0.4, 3.4)	6.4 (2.2, 18.9)	0.3 (0.1, 1.4)	0.7 (0.4, 1.3)	0.6 (0.3, 1.2)	0.8 (0.3, 1.7)	0.9 (0.5, 1.7)	1.1 (0.5, 2.6)	1.2 (0.5, 2.9)	9.1 (2.0, 41.5)	2.1 (0.9, 5.0)	1.6 (0.6, 4.2)	2.6 (0.8, 8.3)	0.3 (0.1, 1.1)	1.4 (0.7, 3.0)	0.6 (0.1, 2.9)	0.2 (0.1, 0.8)	0.7 (0.3, 1.6)	2.4 (1.1, 5.2)	Lebrikizumab 125mg q4w	1.5 (0.7, 3.3)	2.0 (0.8, 5.0)	1.8 (0.9, 3.6)	1.0 (0.6, 1.7)	3.0 (1.1, 8.2)	0.2 (0.0, 1.0)	1.1 (0.6, 2.0)	0.5 (0.2, 1.3)	4.8 (1.6, 14.4)	1.7 (0.8, 3.7)	3.4 (1.2, 9.8)	12.6 (3.1, 51.4)	4.2 (1.5, 11.8)	0.6 (0.2, 1.9)	0.4 (0.1, 1.6)	1.0 (0.5, 2.1)	0.5 (0.2, 1.0)	1.3 (0.6, 2.9)	1.5 (0.8, 2.8)	2.8 (1.2, 6.6)
4.8 (1.6, 14.4)	0.4 (0.1, 1.6)	0.9 (0.4, 2.2)	3.7 (1.4, 9.9)	0.6 (0.3, 1.2)	2.1 (0.9, 5.0)	0.2 (0.1, 0.8)	1.8 (0.9, 3.6)	4.8 (1.6, 14.4)	0.4 (0.1, 1.6)	0.9 (0.4, 2.2)	3.7 (1.4, 9.9)	0.6 (0.3, 1.2)	2.1 (0.9, 5.0)	0.2 (0.1, 0.8)	1.8 (0.9, 3.6)	4.8 (1.6, 14.4)	0.4 (0.1, 1.6)	0.9 (0.4, 2.2)	3.7 (1.4, 9.9)	0.6 (0.3, 1.2)	2.1 (0.9, 5.0)	0.2 (0.1, 0.8)	1.8 (0.9, 3.6)	4.8 (1.6, 14.4)	0.4 (0.1, 1.6)	0.9 (0.4, 2.2)	Lebrikizumab 250mg 1x	0.6 (0.3, 1.2)	2.1 (0.9, 5.0)	0.2 (0.1, 0.8)	1.8 (0.9, 3.6)	4.8 (1.6, 14.4)	0.4 (0.1, 1.6)	0.9 (0.4, 2.2)	3.7 (1.4, 9.9)	0.6 (0.3, 1.2)	2.1 (0.9, 5.0)	0.2 (0.1, 0.8)	1.8 (0.9, 3.6)	4.8 (1.6, 14.4)	0.4 (0.1, 1.6)	0.9 (0.4, 2.2)	3.7 (1.4, 9.9)	0.6 (0.3, 1.2)	2.1 (0.9, 5.0)	0.2 (0.1, 0.8)
0.6 (0.1, 2.9)	1.1 (0.6, 2.0)	1.3 (0.6, 2.9)	1.2 (0.4, 3.4)	1.6 (0.6, 4.2)	1.8 (0.9, 3.6)	0.6 (0.2, 1.9)	1.0 (0.4, 2.5)	1.1 (0.5, 2.6)	2.4 (1.1, 5.2)	1.7 (0.8, 3.7)	0.9 (0.4, 2.2)	0.7 (0.4, 1.3)	1.4 (0.7, 3.0)	0.2 (0.0, 1.0)	0.5 (0.2, 1.0)	2.3 (1.0, 5.3)	2.1 (0.9, 5.0)	2.0 (0.8, 5.0)	4.2 (1.5, 11.8)	0.4 (0.2, 1.0)	0.9 (0.5, 1.7)	0.7 (0.3, 1.6)	4.8 (1.6, 14.4)	2.8 (1.2, 6.6)	0.3 (0.1, 1.4)	0.3 (0.1, 1.1)	3.0 (1.1, 8.2)	Lebrikizumab 250mg q4w	3.7 (1.4, 9.9)	9.1 (2.0, 41.5)	1.5 (0.7, 3.3)	12.6 (3.1, 51.4)	0.1 (0.0, 0.6)	0.8 (0.3, 1.7)	0.2 (0.1, 0.8)	0.5 (0.2, 1.3)	1.5 (0.8, 2.8)	6.4 (2.2, 18.9)	2.6 (0.8, 8.3)	1.0 (0.6, 1.7)	0.4 (0.1, 1.6)	5.8 (1.3, 26.2)	1.2 (0.5, 2.9)	0.8 (0.4, 1.5)	3.4 (1.2, 9.8)	1.9 (0.9, 4.0)
0.3 (0.1, 1.4)	2.4 (1.1, 5.2)	0.4 (0.1, 1.6)	0.3 (0.1, 1.4)	2.4 (1.1, 5.2)	0.4 (0.1, 1.6)	0.3 (0.1, 1.4)	2.4 (1.1, 5.2)	0.4 (0.1, 1.6)	0.3 (0.1, 1.4)	2.4 (1.1, 5.2)	0.4 (0.1, 1.6)	0.3 (0.1, 1.4)	2.4 (1.1, 5.2)	0.4 (0.1, 1.6)	0.3 (0.1, 1.4)	2.4 (1.1, 5.2)	0.4 (0.1, 1.6)	0.3 (0.1, 1.4)	2.4 (1.1, 5.2)	0.4 (0.1, 1.6)	0.3 (0.1, 1.4)	2.4 (1.1, 5.2)	0.4 (0.1, 1.6)	0.3 (0.1, 1.4)	2.4 (1.1, 5.2)	0.4 (0.1, 1.6)	0.3 (0.1, 1.4)	2.4 (1.1, 5.2)	Nemolizumab 0.1mg/kg q4w	0.3 (0.1, 1.4)	2.4 (1.1, 5.2)	0.4 (0.1, 1.6)	0.3 (0.1, 1.4)	2.4 (1.1, 5.2)	0.4 (0.1, 1.6)	0.3 (0.1, 1.4)	2.4 (1.1, 5.2)	0.4 (0.1, 1.6)	0.3 (0.1, 1.4)	2.4 (1.1, 5.2)	0.4 (0.1, 1.6)	0.3 (0.1, 1.4)	2.4 (1.1, 5.2)	0.4 (0.1, 1.6)	0.3 (0.1, 1.4)	2.4 (1.1, 5.2)
1.3 (0.6, 2.9)	2.1 (0.9, 5.0)	12.6 (3.1, 51.4)	0.6 (0.3, 1.2)	0.2 (0.0, 1.0)	3.7 (1.4, 9.9)	0.8 (0.4, 1.5)	0.9 (0.4, 2.2)	0.3 (0.1, 1.1)	0.4 (0.1, 1.6)	1.1 (0.5, 2.6)	4.8 (1.6, 14.4)	6.4 (2.2, 18.9)	1.8 (0.9, 3.6)	0.4 (0.2, 1.0)	0.2 (0.1, 0.8)	1.3 (0.6, 2.9)	2.1 (0.9, 5.0)	12.6 (3.1, 51.4)	0.6 (0.3, 1.2)	0.2 (0.0, 1.0)	3.7 (1.4, 9.9)	0.8 (0.4, 1.5)	0.9 (0.4, 2.2)	0.3 (0.1, 1.1)	0.4 (0.1, 1.6)	1.1 (0.5, 2.6)	4.8 (1.6, 14.4)	6.4 (2.2, 18.9)	1.8 (0.9, 3.6)	Nemolizumab 0.5mg/kg q4w	0.2 (0.1, 0.8)	1.3 (0.6, 2.9)	2.1 (0.9, 5.0)	12.6 (3.1, 51.4)	0.6 (0.3, 1.2)	0.2 (0.0, 1.0)	3.7 (1.4, 9.9)	0.8 (0.4, 1.5)	0.9 (0.4, 2.2)	0.3 (0.1, 1.1)	0.4 (0.1, 1.6)	1.1 (0.5, 2.6)	4.8 (1.6, 14.4)	6.4 (2.2, 18.9)	1.8 (0.9, 3.6)	0.4 (0.2, 1.0)
3.0 (1.1, 8.2)	0.3 (0.1, 1.4)	4.8 (1.6, 14.4)	0.9 (0.5, 1.7)	4.2 (1.5, 11.8)	2.1 (0.9, 5.0)	0.5 (0.2, 1.0)	1.4 (0.7, 3.0)	0.9 (0.4, 2.2)	2.4 (1.1, 5.2)	1.0 (0.4, 2.5)	1.8 (0.9, 3.6)	1.2 (0.4, 3.4)	1.1 (0.6, 2.0)	0.6 (0.3, 1.2)	3.4 (1.2, 9.8)	1.2 (0.5, 2.9)	0.4 (0.1, 1.6)	2.6 (0.8, 8.3)	1.5 (0.8, 2.8)	0.2 (0.1, 0.8)	0.1 (0.0, 0.6)	1.5 (0.7, 3.3)	3.7 (1.4, 9.9)	3.0 (1.1, 8.2)	0.3 (0.1, 1.4)	4.8 (1.6, 14.4)	0.9 (0.5, 1.7)	4.2 (1.5, 11.8)	2.1 (0.9, 5.0)	0.5 (0.2, 1.0)	Nemolizumab 2mg/kg q4w	0.9 (0.4, 2.2)	2.4 (1.1, 5.2)	1.0 (0.4, 2.5)	1.8 (0.9, 3.6)	1.2 (0.4, 3.4)	1.1 (0.6, 2.0)	0.6 (0.3, 1.2)	3.4 (1.2, 9.8)	1.2 (0.5, 2.9)	0.4 (0.1, 1.6)	2.6 (0.8, 8.3)	1.5 (0.8, 2.8)	0.2 (0.1, 0.8)	0.1 (0.0, 0.6)	1.5 (0.7, 3.3)
1.6 (0.6, 4.2)	0.1 (0.0, 0.6)	0.2 (0.0, 1.0)	1.2 (0.5, 2.9)	2.8 (1.2, 6.6)	1.8 (0.9, 3.6)	0.8 (0.3, 1.7)	0.5 (0.2, 1.0)	0.8 (0.4, 1.5)	0.3 (0.1, 1.4)	0.6 (0.2, 1.9)	0.2 (0.1, 0.8)	2.3 (1.0, 5.3)	3.4 (1.2, 9.8)	0.3 (0.1, 1.1)	1.0 (0.4, 2.5)	0.5 (0.2, 1.3)	2.1 (0.9, 5.0)	1.9 (0.9, 4.0)	3.0 (1.1, 8.2)	1.1 (0.5, 2.6)	1.5 (0.8, 2.8)	2.0 (0.8, 5.0)	0.6 (0.3, 1.2)	1.0 (0.5, 2.1)	2.4 (1.1, 5.2)	6.4 (2.2, 18.9)	4.2 (1.5, 11.8)	0.6 (0.1, 2.9)	3.7 (1.4, 9.9)	1.7 (0.8, 3.7)	2.6 (0.8, 8.3)	Nemolizumab 2mg/kg q4w	1.1 (0.6, 2.0)	9.1 (2.0, 41.5)	0.9 (0.4, 2.2)	1.0 (0.6, 1.7)	0.9 (0.5, 1.7)	1.3 (0.6, 2.9)	1.5 (0.7, 3.3)	0.7 (0.4, 1.3)	0.4 (0.1, 1.6)	0.7 (0.3, 1.6)	1.2 (0.4, 3.4)	12.6 (3.1, 51.4)	1.4 (0.7, 3.0)	5.8 (1.3, 26.2)
3.7 (1.4, 9.9)	0.4 (0.1, 1.6)	1.8 (0.9, 3.6)	2.1 (0.9, 5.0)	3.7 (1.4, 9.9)	0.4 (0.1, 1.6)	1.8 (0.9, 3.6)	2.1 (0.9, 5.0)	3.7 (1.4, 9.9)	0.4 (0.1, 1.6)	1.8 (0.9, 3.6)	2.1 (0.9, 5.0)	3.7 (1.4, 9.9)	0.4 (0.1, 1.6)	1.8 (0.9, 3.6)	2.1 (0.9, 5.0)	3.7 (1.4, 9.9)	0.4 (0.1, 1.6)	1.8 (0.9, 3.6)	2.1 (0.9, 5.0)	3.7 (1.4, 9.9)	0.4 (0.1, 1.6)	1.8 (0.9, 3.6)	2.1 (0.9, 5.0)	3.7 (1.4, 9.9)	0.4 (0.1, 1.6)	1.8 (0.9, 3.6)	2.1 (0.9, 5.0)	3.7 (1.4, 9.9)	0.4 (0.1, 1.6)	1.8 (0.9, 3.6)	2.1 (0.9, 5.0)	3.7 (1.4, 9.9)	Tacrolimus 0.03%	1.8 (0.9, 3.6)	2.1 (0.9, 5.0)	3.7 (1.4, 9.9)	0.4 (0.1, 1.6)	1.8 (0.9, 3.6)	2.1 (0.9, 5.0)	3.7 (1.4, 9.9)	0.4 (0.1, 1.6)	1.8 (0.9, 3.6)	2.1 (0.9, 5.0)	3.7 (1.4, 9.9)	0.4 (0.1, 1.6)	1.8 (0.9, 3.6)
0.6 (0.2, 1.9)	1.1 (0.6, 2.0)	0.8 (0.4, 1.5)	2.6 (0.8, 8.3)	0.8 (0.3, 1.7)	3.7 (1.4, 9.9)	2.8 (1.2, 6.6)	4.2 (1.5, 11.8)	0.2 (0.0, 1.0)	2.4 (1.1, 5.2)	1.6 (0.6, 4.2)	0.6 (0.3, 1.2)	5.8 (1.3, 26.2)	1.5 (0.8, 2.8)	12.6 (3.1, 51.4)	3.0 (1.1, 8.2)	0.7 (0.3, 1.6)	2.1 (0.9, 5.0)	0.7 (0.4, 1.3)	1.0 (0.4, 2.5)	1.3 (0.6, 2.9)	3.4 (1.2, 9.8)	1.0 (0.6, 1.7)	0.2 (0.1, 0.8)	9.1 (2.0, 41.5)	0.3 (0.1, 1.4)	0.4 (0.2, 1.0)	0.5 (0.2, 1.0)	1.7 (0.8, 3.7)	1.8 (0.9, 3.6)	0.6 (0.1, 2.9)	1.2 (0.5, 2.9)	6.4 (2.2, 18.9)	0.1 (0.0, 0.6)	Tezepelumab 280mg q2w	4.8 (1.6, 14.4)	2.0 (0.8, 5.0)	1.4 (0.7, 3.0)	1.1 (0.5, 2.6)	1.2 (0.4, 3.4)	1.9 (0.9, 4.0)	0.4 (0.1, 1.6)	0.5 (0.2, 1.3)	1.5 (0.7, 3.3)	0.3 (0.1, 1.1)	0.9 (0.5, 1.7)	2.3 (1.0, 5.3)
1.5 (0.7, 3.3)	2.4 (1.1, 5.2)	0.2 (0.1, 0.8)	1.4 (0.7, 3.0)	2.6 (0.8, 8.3)	2.1 (0.9, 5.0)	1.2 (0.5, 2.9)	0.9 (0.5, 1.7)	0.6 (0.3, 1.2)	0.3 (0.1, 1.4)	1.2 (0.4, 3.4)	3.7 (1.4, 9.9)	1.0 (0.4, 2.5)	0.1 (0.0, 0.6)	0.9 (0.4, 2.2)	1.5 (0.8, 2.8)	0.5 (0.2, 1.0)	0.4 (0.1, 1.6)	4.2 (1.5, 11.8)	3.4 (1.2, 9.8)	4.8 (1.6, 14.4)	1.1 (0.6, 2.0)	3.0 (1.1, 8.2)	1.8 (0.9, 3.6)	1.5 (0.7, 3.3)	2.4 (1.1, 5.2)	0.2 (0.1, 0.8)	1.4 (0.7, 3.0)	2.6 (0.8, 8.3)	2.1 (0.9, 5.0)	1.2 (0.5, 2.9)	0.9 (0.5, 1.7)	0.6 (0.3, 1.2)	0.3 (0.1, 1.4)	1.2 (0.4, 3.4)	Tralokinumab 150mg q2w	1.0 (0.4, 2.5)	0.1 (0.0, 0.6)	0.9 (0.4, 2.2)	1.5 (0.8, 2.8)	0.5 (0.2, 1.0)	0.4 (0.1, 1.6)	4.2 (1.5, 11.8)	3.4 (1.2, 9.8)	4.8 (1.6, 14.4)	1.1 (0.6, 2.0)	3.0 (1.1, 8.2)
1.1 (0.5, 2.6)	2.1 (0.9, 5.0)	0.3 (0.1, 1.1)	0.2 (0.1, 0.8)	0.8 (0.4, 1.5)	1.8 (0.9, 3.6)	0.2 (0.0, 1.0)	4.8 (1.6, 14.4)	12.6 (3.1, 51.4)	0.4 (0.1, 1.6)	1.3 (0.6, 2.9)	0.9 (0.4, 2.2)	0.4 (0.2, 1.0)	3.7 (1.4, 9.9)	6.4 (2.2, 18.9)	0.6 (0.3, 1.2)	1.1 (0.5, 2.6)	2.1 (0.9, 5.0)	0.3 (0.1, 1.1)	0.2 (0.1, 0.8)	0.8 (0.4, 1.5)	1.8 (0.9, 3.6)	0.2 (0.0, 1.0)	4.8 (1.6, 14.4)	12.6 (3.1, 51.4)	0.4 (0.1, 1.6)	1.3 (0.6, 2.9)	0.9 (0.4, 2.2)	0.4 (0.2, 1.0)	3.7 (1.4, 9.9)	6.4 (2.2, 18.9)	0.6 (0.3, 1.2)	1.1 (0.5, 2.6)	2.1 (0.9, 5.0)	0.3 (0.1, 1.1)	0.2 (0.1, 0.8)	Tralokinumab 300mg q2w	1.8 (0.9, 3.6)	0.2 (0.0, 1.0)	4.8 (1.6, 14.4)	12.6 (3.1, 51.4)	0.4 (0.1, 1.6)	1.3 (0.6, 2.9)	0.9 (0.4, 2.2)	0.4 (0.2, 1.0)	3.7 (1.4, 9.9)	6.4 (2.2, 18.9)
0.1 (0.0, 0.6)	0.3 (0.1, 1.4)	2.1 (0.9, 5.0)	2.4 (1.1, 5.2)	1.1 (0.6, 2.0)	0.4 (0.1, 1.6)	0.1 (0.0, 0.6)	0.3 (0.1, 1.4)	2.1 (0.9, 5.0)	2.4 (1.1, 5.2)	1.1 (0.6, 2.0)	0.4 (0.1, 1.6)	0.1 (0.0, 0.6)	0.3 (0.1, 1.4)	2.1 (0.9, 5.0)	2.4 (1.1, 5.2)	1.1 (0.6, 2.0)	0.4 (0.1, 1.6)	0.1 (0.0, 0.6)	0.3 (0.1, 1.4)	2.1 (0.9, 5.0)	2.4 (1.1, 5.2)	1.1 (0.6, 2.0)	0.4 (0.1, 1.6)	0.1 (0.0, 0.6)	0.3 (0.1, 1.4)	2.1 (0.9, 5.0)	2.4 (1.1, 5.2)	1.1 (0.6, 2.0)	0.4 (0.1, 1.6)	0.1 (0.0, 0.6)	0.3 (0.1, 1.4)	2.1 (0.9, 5.0)	2.4 (1.1, 5.2)	1.1 (0.6, 2.0)	0.4 (0.1, 1.6)	0.1 (0.0, 0.6)	Tralokinumab 45mg q2w	2.1 (0.9, 5.0)	2.4 (1.1, 5.2)	1.1 (0.6, 2.0)	0.4 (0.1, 1.6)	0.1 (0.0, 0.6)	0.3 (0.1, 1.4)	2.1 (0.9, 5.0)	2.4 (1.1, 5.2)	1.1 (0.6, 2.0)
1.7 (0.8, 3.7)	0.1 (0.0, 0.6)	1.1 (0.5, 2.6)	1.5 (0.7, 3.3)	0.6 (0.2, 1.9)	3.7 (1.4, 9.9)	1.6 (0.6, 4.2)	3.0 (1.1, 8.2)	1.3 (0.6, 2.9)	0.3 (0.1, 1.4)	0.6 (0.1, 2.9)	4.8 (1.6, 14.4)	1.9 (0.9, 4.0)	0.9 (0.5, 1.7)	0.8 (0.4, 1.5)	4.2 (1.5, 11.8)	5.8 (1.3, 26.2)	2.1 (0.9, 5.0)	1.0 (0.6, 1.7)	0.5 (0.2, 1.0)	6.4 (2.2, 18.9)	1.4 (0.7, 3.0)	0.5 (0.2, 1.3)	0.9 (0.4, 2.2)	0.8 (0.3, 1.7)	2.4 (1.1, 5.2)	12.6 (3.1, 51.4)	1.0 (0.4, 2.5)	9.1 (2.0, 41.5)	1.8 (0.9, 3.6)	1.0 (0.5, 2.1)	1.2 (0.4, 3.4)	0.3 (0.1, 1.1)	1.1 (0.6, 2.0)	2.8 (1.2, 6.6)	0.6 (0.3, 1.2)	0.7 (0.3, 1.6)	3.4 (1.2, 9.8)	Tralokinumab 600mg 1x	1.2 (0.5, 2.9)	2.0 (0.8, 5.0)	0.4 (0.1, 1.6)	2.3 (1.0, 5.3)	2.6 (0.8, 8.3)	0.2 (0.0, 1.0)	1.5 (0.8, 2.8)	0.7 (0.4, 1.3)
0.2 (0.1, 0.8)	0.4 (0.1, 1.6)	0.6 (0.3, 1.2)	1.8 (0.9, 3.6)	0.9 (0.4, 2.2)	2.1 (0.9, 5.0)	4.8 (1.6, 14.4)	3.7 (1.4, 9.9)	0.2 (0.1, 0.8)	0.4 (0.1, 1.6)	0.6 (0.3, 1.2)	1.8 (0.9, 3.6)	0.9 (0.4, 2.2)	2.1 (0.9, 5.0)	4.8 (1.6, 14.4)	3.7 (1.4, 9.9)	0.2 (0.1, 0.8)	0.4 (0.1, 1.6)	0.6 (0.3, 1.2)	1.8 (0.9, 3.6)	0.9 (0.4, 2.2)	2.1 (0.9, 5.0)	4.8 (1.6, 14.4)	3.7 (1.4, 9.9)	0.2 (0.1, 0.8)	0.4 (0.1, 1.6)	0.6 (0.3, 1.2)	1.8 (0.9, 3.6)	0.9 (0.4, 2.2)	2.1 (0.9, 5.0)	4.8 (1.6, 14.4)	3.7 (1.4, 9.9)	0.2 (0.1, 0.8)	0.4 (0.1, 1.6)	0.6 (0.3, 1.2)	1.8 (0.9, 3.6)	0.9 (0.4, 2.2)	2.1 (0.9, 5.0)	4.8 (1.6, 14.4)	Upadacitinib 15mg QD	0.2 (0.1, 0.8)	0.4 (0.1, 1.6)	0.6 (0.3, 1.2)	1.8 (0.9, 3.6)	0.9 (0.4, 2.2)	2.1 (0.9, 5.0)	4.8 (1.6, 14.4)
0.7 (0.4, 1.3)	1.1 (0.6, 2.0)	6.4 (2.2, 18.9)	3.0 (1.1, 8.2)	2.3 (1.0, 5.3)	1.8 (0.9, 3.6)	5.8 (1.3, 26.2)	1.5 (0.7, 3.3)	0.4 (0.2, 1.0)	2.4 (1.1, 5.2)	1.9 (0.9, 4.0)	0.2 (0.1, 0.8)	2.8 (1.2, 6.6)	1.4 (0.7, 3.0)	1.3 (0.6, 2.9)	2.6 (0.8, 8.3)	1.0 (0.5, 2.1)	2.1 (0.9, 5.0)	0.6 (0.2, 1.9)	1.2 (0.5, 2.9)	12.6 (3.1, 51.4)	0.9 (0.5, 1.7)	1.7 (0.8, 3.7)	0.6 (0.3, 1.2)	0.5 (0.2, 1.3)	0.3 (0.1, 1.4)	0.2 (0.0, 1.0)	1.2 (0.4, 3.4)	1.0 (0.6, 1.7)	3.7 (1.4, 9.9)	2.0 (0.8, 5.0)	1.0 (0.4, 2.5)	0.8 (0.4, 1.5)	0.1 (0.0, 0.6)	0.7 (0.3, 1.6)	0.9 (0.4, 2.2)	0.6 (0.1, 2.9)	1.5 (0.8, 2.8)	0.3 (0.1, 1.1)	0.5 (0.2, 1.0)	Upadacitinib 30mg QD	0.4 (0.1, 1.6)	9.1 (2.0, 41.5)	4.2 (1.5, 11.8)	1.1 (0.5, 2.6)	3.4 (1.2, 9.8)	0.8 (0.3, 1.7)
1.5 (0.8, 2.8)	2.4 (1.1, 5.2)	3.7 (1.4, 9.9)	1.1 (0.6, 2.0)	0.9 (0.5, 1.7)	0.4 (0.1, 1.6)	1.4 (0.7, 3.0)	0.1 (0.0, 0.6)	1.8 (0.9, 3.6)	0.3 (0.1, 1.4)	3.4 (1.2, 9.8)	2.1 (0.9, 5.0)	1.5 (0.8, 2.8)	2.4 (1.1, 5.2)	3.7 (1.4, 9.9)	1.1 (0.6, 2.0)	0.9 (0.5, 1.7)	0.4 (0.1, 1.6)	1.4 (0.7, 3.0)	0.1 (0.0, 0.6)	1.8 (0.9, 3.6)	0.3 (0.1, 1.4)	3.4 (1.2, 9.8)	2.1 (0.9, 5.0)	1.5 (0.8, 2.8)	2.4 (1.1, 5.2)	3.7 (1.4, 9.9)	1.1 (0.6, 2.0)	0.9 (0.5, 1.7)	0.4 (0.1, 1.6)	1.4 (0.7, 3.0)	0.1 (0.0, 0.6)	1.8 (0.9, 3.6)	0.3 (0.1, 1.4)	3.4 (1.2, 9.8)	2.1 (0.9, 5.0)	1.5 (0.8, 2.8)	2.4 (1.1, 5.2)	3.7 (1.4, 9.9)	1.1 (0.6, 2.0)	0.9 (0.5, 1.7)	Upadacitinib 7.5mg QD	1.4 (0.7, 3.0)	0.1 (0.0, 0.6)	1.8 (0.9, 3.6)	0.3 (0.1, 1.4)	3.4 (1.2, 9.8)
0.2 (0.0, 1.0)	2.1 (0.9, 5.0)	0.4 (0.2, 1.0)	4.8 (1.6, 14.4)	0.3 (0.1, 1.1)	3.7 (1.4, 9.9)	12.6 (3.1, 51.4)	0.2 (0.1, 0.8)	6.4 (2.2, 18.9)	0.4 (0.1, 1.6)	0.8 (0.4, 1.5)	0.6 (0.3, 1.2)	1.3 (0.6, 2.9)	1.8 (0.9, 3.6)	1.1 (0.5, 2.6)	0.9 (0.4, 2.2)	0.2 (0.0, 1.0)	2.1 (0.9, 5.0)	0.4 (0.2, 1.0)	4.8 (1.6, 14.4)	0.3 (0.1, 1.1)	3.7 (1.4, 9.9)	12.6 (3.1, 51.4)	0.2 (0.1, 0.8)	6.4 (2.2, 18.9)	0.4 (0.1, 1.6)	0.8 (0.4, 1.5)	0.6 (0.3, 1.2)	1.3 (0.6, 2.9)	1.8 (0.9, 3.6)	1.1 (0.5, 2.6)	0.9 (0.4, 2.2)	0.2 (0.0, 1.0)	2.1 (0.9, 5.0)	0.4 (0.2, 1.0)	4.8 (1.6, 14.4)	0.3 (0.1, 1.1)	3.7 (1.4, 9.9)	12.6 (3.1, 51.4)	0.2 (0.1, 0.8)	6.4 (2.2, 18.9)	0.4 (0.1, 1.6)	Cetolozumab 40mg or 90mg at 0, 4, 16	0.6 (0.3, 1.2)	1.3 (0.6, 2.9)	1.8 (0.9, 3.6)	1.1 (0.5, 2.6)
2.6 (0.8, 8.3)	0.3 (0.1, 1.4)	0.9 (0.4, 2.2)	3.4 (1.2, 9.8)	1.5 (0.7, 3.3)	2.1 (0.9, 5.0)	1.2 (0.4, 3.4)	1.5 (0.8, 2.8)	4.8 (1.6, 14.4)	2.4 (1.1, 5.2)	1.2 (0.5, 2.9)	3.7 (1.4, 9.9)	0.5 (0.2, 1.0)	1.1 (0.6, 2.0)	0.2 (0.1, 0.8)	0.9 (0.5, 1.7)	1.0 (0.4, 2.5)	0.4 (0.1, 1.6)	3.0 (1.1, 8.2)	1.4 (0.7, 3.0)	0.6 (0.3, 1.2)	0.1 (0.0, 0.6)	4.2 (1.5, 11.8)	1.8 (0.9, 3.6)	2.6 (0.8, 8.3)	0.3 (0.1, 1.4)	0.9 (0.4, 2.2)	3.4 (1.2, 9.8)	1.5 (0.7, 3.3)	2.1 (0.9, 5.0)	1.2 (0.4, 3.4)	1.5 (0.8, 2.8)	4.8 (1.6, 14.4)	2.4 (1.1, 5.2)	1.2 (0.5, 2.9)	3.7 (1.4, 9.9)	0.5 (0.2, 1.0)	1.1 (0.6, 2.0)	0.2 (0.1, 0.8)	0.9 (0.5, 1.7)	1.0 (0.4, 2.5)	0.4 (0.1, 1.6)	3.0 (1.1, 8.2)	Ustekinumab 45mg at 0, 4, 16	0.6 (0.3, 1.2)	0.1 (0.0, 0.6)	4.2 (1.5, 11.8)
2.3 (1.0, 5.3)	0.1 (0.0, 0.6)	1.3 (0.6, 2.9)	4.2 (1.5, 11.8)	0.5 (0.2, 1.3)	1.8 (0.9, 3.6)	0.7 (0.3, 1.6)	2.6 (0.8, 8.3)	1.1 (0.5, 2.6)	0.3 (0.1, 1.4)	5.8 (1.3, 26.2)	0.9 (0.4, 2.2)	1.0 (0.5, 2.1)	3.4 (1.2, 9.8)	0.2 (0.0, 1.0)	1.5 (0.7, 3.3)	0.6 (0.1, 2.9)	2.1 (0.9, 5.0)	0.8 (0.3, 1.7)	1.2 (0.4, 3.4)	0.4 (0.2, 1.0)	1.5 (0.8, 2.8)	0.6 (0.2, 1.9)	4.8 (1.6, 14.4)	1.0 (0.6, 1.7)	2.4 (1.1, 5.2)	0.3 (0.1, 1.1)	1.2 (0.5, 2.9)	0.7 (0.4, 1.3)	3.7 (1.4, 9.9)	1.9 (0.9, 4.0)	0.5 (0.2, 1.0)	12.6 (3.1, 51.4)	1.1 (0.6, 2.0)	2.0 (0.8, 5.0)	0.2 (0.1, 0.8)	1.6 (0.6, 4.2)	0.9 (0.5, 1.7)	6.4 (2.2, 18.9)	1.0 (0.4, 2.5)	2.8 (1.2, 6.6)	0.4 (0.1, 1.6)	1.7 (0.8, 3.7)	3.0 (1.1, 8.2)	Ustekinumab 90mg at 0, 4, 16	1.4 (0.7, 3.0)	9.1 (2.0, 41.5)
0.4 (0.1, 1.6)	0.4 (0.1, 1.6)	0.4 (0.1, 1.6)	0.4 (0.1, 1.6)	0.4 (0.1, 1.6)	0.4 (0.1, 1.6)	0.4 (0.1, 1.6)	0.4 (0.1, 1.6)	0.4 (0.1, 1.6)	0.4 (0.1, 1.6)	0.4 (0.1, 1.6)	0.4 (0.1, 1.6)	0.4 (0.1, 1.6)	0.4 (0.1, 1.6)	0.4 (0.1, 1.6)	0.4 (0.1, 1.6)	0.4 (0.1, 1.6)	0.4 (0.1, 1.6)	0.4 (0.1, 1.6)	0.4 (0.1, 1.6)	0.4 (0.1, 1.6)	0.4 (0.1, 1.6)	0.4 (0.1, 1.6)	0.4 (0.1, 1.6)	0.4 (0.1, 1.6)	0.4 (0.1, 1.6)	0.4 (0.1, 1.6)	0.4 (0.1, 1.6)	0.4 (0.1, 1.6)	0.4 (0.1, 1.6)	0.4 (0.1, 1.6)	0.4 (0.1, 1.6)	0.4 (0.1, 1.6)	0.4 (0.1, 1.6)	0.4 (0.1, 1.6)	0.4 (0.1, 1.6)	0.4 (0.1, 1.6)	0.4 (0.1, 1.6)	0.4 (0.1, 1.6)	0.4 (0.1, 1.6)	0.4 (0.1, 1.6)	0.4 (0.1, 1.6)	0.4 (0.1, 1.6)	0.4 (0.1, 1.6)	0.4 (0.1, 1.6)	TPL 200mg/2 BID	0.4 (0.1, 1.6)
2.0 (0.8, 5.0)	1.1 (0.6, 2.0)	12.6 (3.1, 51.4)	0.5 (0.2, 1.0)	1.9 (0.9, 4.0)	3.7 (1.4, 9.9)	0.7 (0.4, 1.3)	1.2 (0.5, 2.9)	0.3 (0.1, 1.1)	2.4 (1.1, 5.2)	1.0 (0.6, 1.7)	4.8 (1.6, 14.4)	0.6 (0.2, 1.9)	1.5 (0.8, 2.8)	0.4 (0.2, 1.0)	1.2 (0.4, 3.4)	0.8 (0.3, 1.7)	2.1 (0.9, 5.0)	0.6 (0.1, 2.9)	1.5 (0.7, 3.3)	0.2 (0.0, 1.0)	3.4 (1.2, 9.8)	1.0 (0.5, 2.1)	0.9 (0.4, 2.2)	5.8 (1.3, 26.2)	0.3 (0.1, 1.4)	1.1 (0.5, 2.6)	2.6 (0.8, 8.3)	0.7 (0.3, 1.6)	1.8 (0.9, 3.6)	0.5 (0.2, 1.3)	4.2 (1.5, 11.8)	1.3 (0.6, 2.9)	0.1 (0.0, 0.6)	2.3 (1.0, 5.3)	0.6 (0.3, 1.2)	9.1 (2.0, 41.5)	1.4 (0.7, 3.0)	0.8 (0.4, 1.5)	3.0 (1.1, 8.2)	1.7 (0.8, 3.7)	0.4 (0.1, 1.6)	2.8 (1.2, 6.6)	1.0 (0.4, 2.5)	6.4 (2.2, 18.9)	0.9 (0.5, 1.7)	Placebo
Copyright © 2020 ScienceChampion [www.sciencechampion.com]. All rights reserved.
